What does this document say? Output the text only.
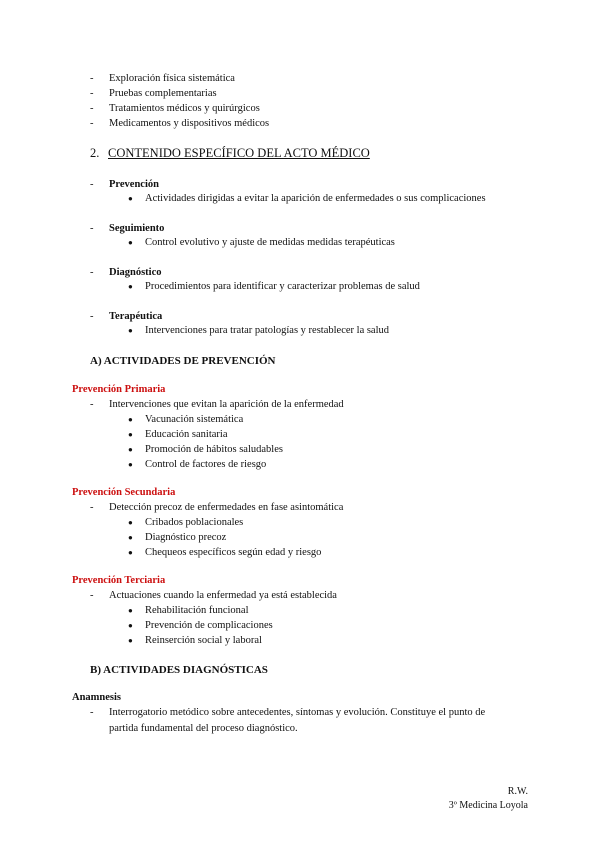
- Exploración física sistemática
- Pruebas complementarias
- Tratamientos médicos y quirúrgicos
- Medicamentos y dispositivos médicos
2. CONTENIDO ESPECÍFICO DEL ACTO MÉDICO
- Prevención
● Actividades dirigidas a evitar la aparición de enfermedades o sus complicaciones
- Seguimiento
● Control evolutivo y ajuste de medidas medidas terapéuticas
- Diagnóstico
● Procedimientos para identificar y caracterizar problemas de salud
- Terapéutica
● Intervenciones para tratar patologías y restablecer la salud
A) ACTIVIDADES DE PREVENCIÓN
Prevención Primaria
- Intervenciones que evitan la aparición de la enfermedad
● Vacunación sistemática
● Educación sanitaria
● Promoción de hábitos saludables
● Control de factores de riesgo
Prevención Secundaria
- Detección precoz de enfermedades en fase asintomática
● Cribados poblacionales
● Diagnóstico precoz
● Chequeos específicos según edad y riesgo
Prevención Terciaria
- Actuaciones cuando la enfermedad ya está establecida
● Rehabilitación funcional
● Prevención de complicaciones
● Reinserción social y laboral
B) ACTIVIDADES DIAGNÓSTICAS
Anamnesis
- Interrogatorio metódico sobre antecedentes, síntomas y evolución. Constituye el punto de
partida fundamental del proceso diagnóstico.
R.W.
3º Medicina Loyola
